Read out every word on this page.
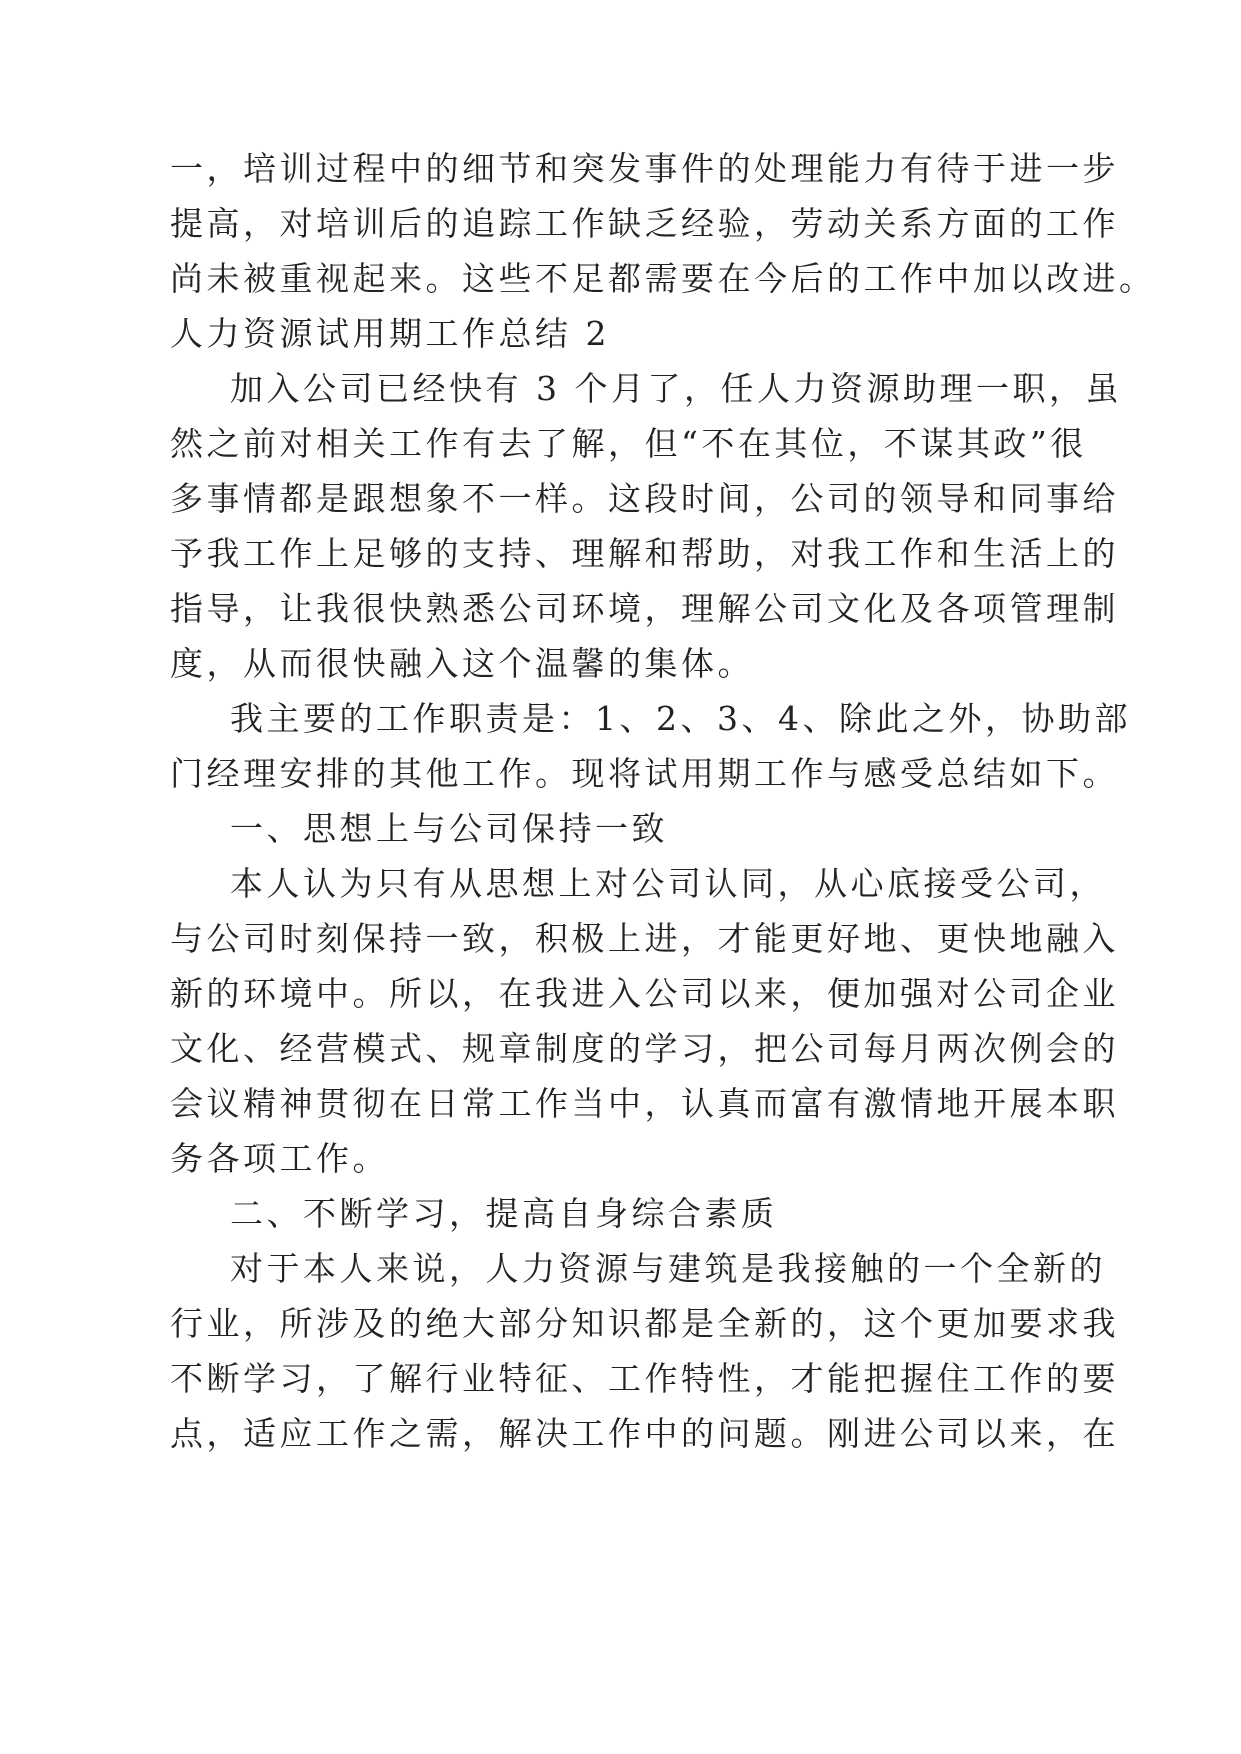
一，培训过程中的细节和突发事件的处理能力有待于进一步
提高，对培训后的追踪工作缺乏经验，劳动关系方面的工作
尚未被重视起来。这些不足都需要在今后的工作中加以改进。
人力资源试用期工作总结 2
加入公司已经快有 3 个月了，任人力资源助理一职，虽
然之前对相关工作有去了解，但“不在其位，不谋其政”很
多事情都是跟想象不一样。这段时间，公司的领导和同事给
予我工作上足够的支持、理解和帮助，对我工作和生活上的
指导，让我很快熟悉公司环境，理解公司文化及各项管理制
度，从而很快融入这个温馨的集体。
我主要的工作职责是：1、2、3、4、除此之外，协助部
门经理安排的其他工作。现将试用期工作与感受总结如下。
一、思想上与公司保持一致
本人认为只有从思想上对公司认同，从心底接受公司，
与公司时刻保持一致，积极上进，才能更好地、更快地融入
新的环境中。所以，在我进入公司以来，便加强对公司企业
文化、经营模式、规章制度的学习，把公司每月两次例会的
会议精神贯彻在日常工作当中，认真而富有激情地开展本职
务各项工作。
二、不断学习，提高自身综合素质
对于本人来说，人力资源与建筑是我接触的一个全新的
行业，所涉及的绝大部分知识都是全新的，这个更加要求我
不断学习，了解行业特征、工作特性，才能把握住工作的要
点，适应工作之需，解决工作中的问题。刚进公司以来，在
